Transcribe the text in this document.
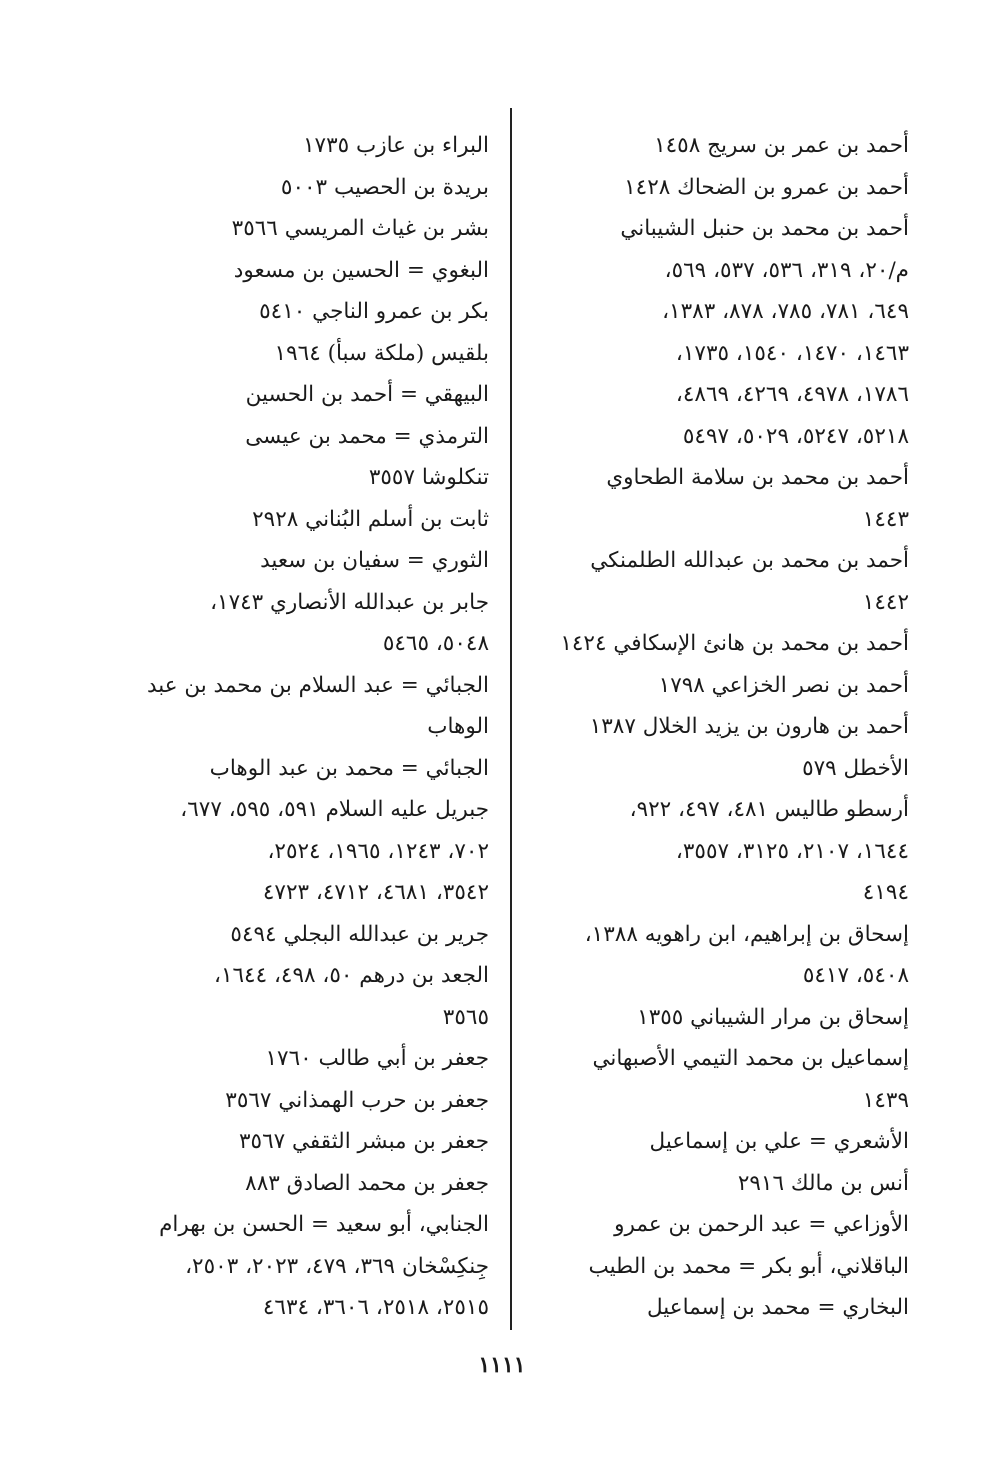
أحمد بن عمر بن سريج ١٤٥٨
أحمد بن عمرو بن الضحاك ١٤٢٨
أحمد بن محمد بن حنبل الشيباني
م/٢٠، ٣١٩، ٥٣٦، ٥٣٧، ٥٦٩،
٦٤٩، ٧٨١، ٧٨٥، ٨٧٨، ١٣٨٣،
١٤٦٣، ١٤٧٠، ١٥٤٠، ١٧٣٥،
١٧٨٦، ٤٩٧٨، ٤٢٦٩، ٤٨٦٩،
٥٢١٨، ٥٢٤٧، ٥٠٢٩، ٥٤٩٧
أحمد بن محمد بن سلامة الطحاوي
١٤٤٣
أحمد بن محمد بن عبدالله الطلمنكي
١٤٤٢
أحمد بن محمد بن هانئ الإسكافي ١٤٢٤
أحمد بن نصر الخزاعي ١٧٩٨
أحمد بن هارون بن يزيد الخلال ١٣٨٧
الأخطل ٥٧٩
أرسطو طاليس ٤٨١، ٤٩٧، ٩٢٢،
١٦٤٤، ٢١٠٧، ٣١٢٥، ٣٥٥٧،
٤١٩٤
إسحاق بن إبراهيم، ابن راهويه ١٣٨٨،
٥٤٠٨، ٥٤١٧
إسحاق بن مرار الشيباني ١٣٥٥
إسماعيل بن محمد التيمي الأصبهاني
١٤٣٩
الأشعري = علي بن إسماعيل
أنس بن مالك ٢٩١٦
الأوزاعي = عبد الرحمن بن عمرو
الباقلاني، أبو بكر = محمد بن الطيب
البخاري = محمد بن إسماعيل
البراء بن عازب ١٧٣٥
بريدة بن الحصيب ٥٠٠٣
بشر بن غياث المريسي ٣٥٦٦
البغوي = الحسين بن مسعود
بكر بن عمرو الناجي ٥٤١٠
بلقيس (ملكة سبأ) ١٩٦٤
البيهقي = أحمد بن الحسين
الترمذي = محمد بن عيسى
تنكلوشا ٣٥٥٧
ثابت بن أسلم البُناني ٢٩٢٨
الثوري = سفيان بن سعيد
جابر بن عبدالله الأنصاري ١٧٤٣،
٥٠٤٨، ٥٤٦٥
الجبائي = عبد السلام بن محمد بن عبد
الوهاب
الجبائي = محمد بن عبد الوهاب
جبريل عليه السلام ٥٩١، ٥٩٥، ٦٧٧،
٧٠٢، ١٢٤٣، ١٩٦٥، ٢٥٢٤،
٣٥٤٢، ٤٦٨١، ٤٧١٢، ٤٧٢٣
جرير بن عبدالله البجلي ٥٤٩٤
الجعد بن درهم ٥٠، ٤٩٨، ١٦٤٤،
٣٥٦٥
جعفر بن أبي طالب ١٧٦٠
جعفر بن حرب الهمذاني ٣٥٦٧
جعفر بن مبشر الثقفي ٣٥٦٧
جعفر بن محمد الصادق ٨٨٣
الجنابي، أبو سعيد = الحسن بن بهرام
جِنكِسْخان ٣٦٩، ٤٧٩، ٢٠٢٣، ٢٥٠٣،
٢٥١٥، ٢٥١٨، ٣٦٠٦، ٤٦٣٤
١١١١
